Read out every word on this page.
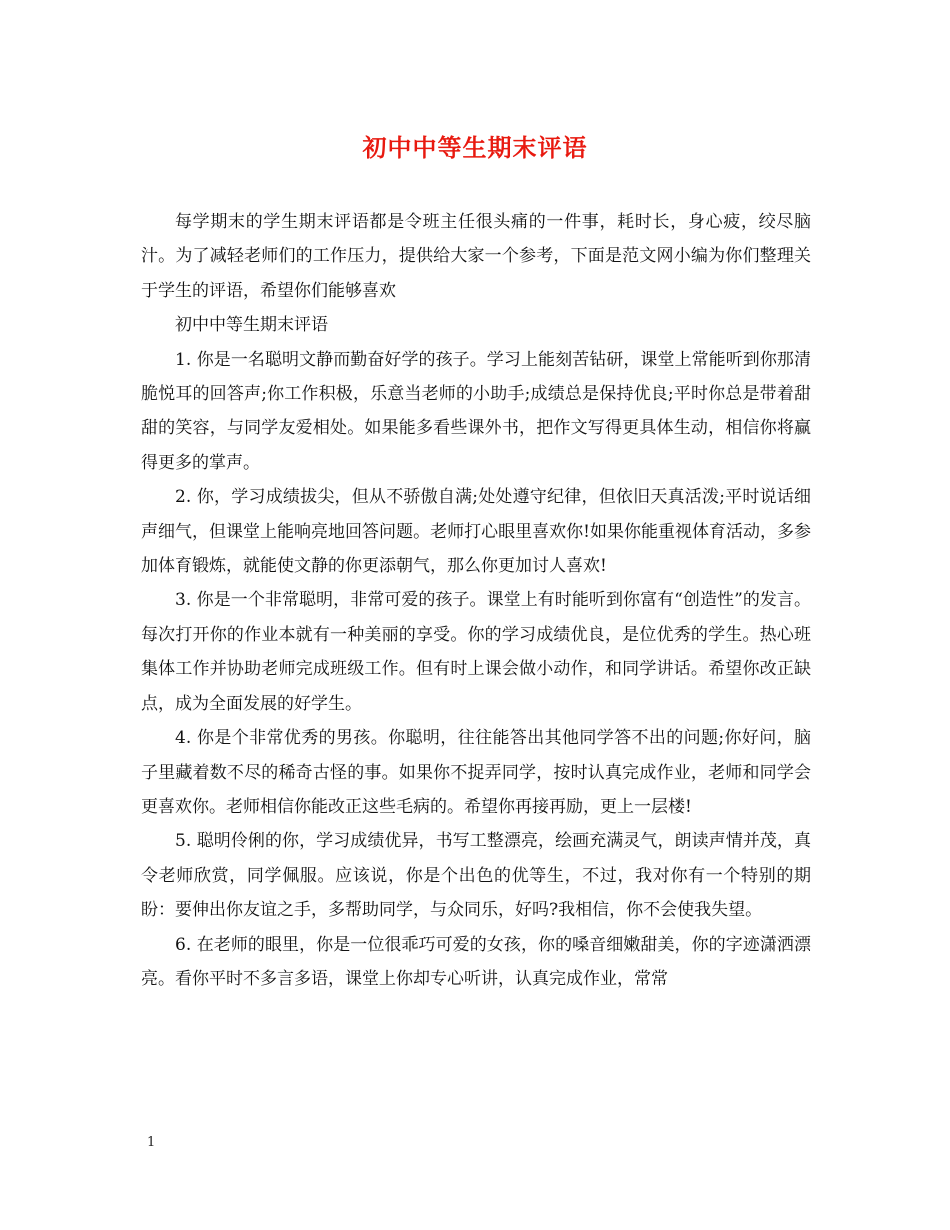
初中中等生期末评语

每学期末的学生期末评语都是令班主任很头痛的一件事，耗时长，身心疲，绞尽脑汁。为了减轻老师们的工作压力，提供给大家一个参考，下面是范文网小编为你们整理关于学生的评语，希望你们能够喜欢

初中中等生期末评语

1. 你是一名聪明文静而勤奋好学的孩子。学习上能刻苦钻研，课堂上常能听到你那清脆悦耳的回答声;你工作积极，乐意当老师的小助手;成绩总是保持优良;平时你总是带着甜甜的笑容，与同学友爱相处。如果能多看些课外书，把作文写得更具体生动，相信你将赢得更多的掌声。

2. 你，学习成绩拔尖，但从不骄傲自满;处处遵守纪律，但依旧天真活泼;平时说话细声细气，但课堂上能响亮地回答问题。老师打心眼里喜欢你!如果你能重视体育活动，多参加体育锻炼，就能使文静的你更添朝气，那么你更加讨人喜欢!

3. 你是一个非常聪明，非常可爱的孩子。课堂上有时能听到你富有“创造性”的发言。每次打开你的作业本就有一种美丽的享受。你的学习成绩优良，是位优秀的学生。热心班集体工作并协助老师完成班级工作。但有时上课会做小动作，和同学讲话。希望你改正缺点，成为全面发展的好学生。

4. 你是个非常优秀的男孩。你聪明，往往能答出其他同学答不出的问题;你好问，脑子里藏着数不尽的稀奇古怪的事。如果你不捉弄同学，按时认真完成作业，老师和同学会更喜欢你。老师相信你能改正这些毛病的。希望你再接再励，更上一层楼!

5. 聪明伶俐的你，学习成绩优异，书写工整漂亮，绘画充满灵气，朗读声情并茂，真令老师欣赏，同学佩服。应该说，你是个出色的优等生，不过，我对你有一个特别的期盼：要伸出你友谊之手，多帮助同学，与众同乐，好吗?我相信，你不会使我失望。

6. 在老师的眼里，你是一位很乖巧可爱的女孩，你的嗓音细嫩甜美，你的字迹潇洒漂亮。看你平时不多言多语，课堂上你却专心听讲，认真完成作业，常常

1
